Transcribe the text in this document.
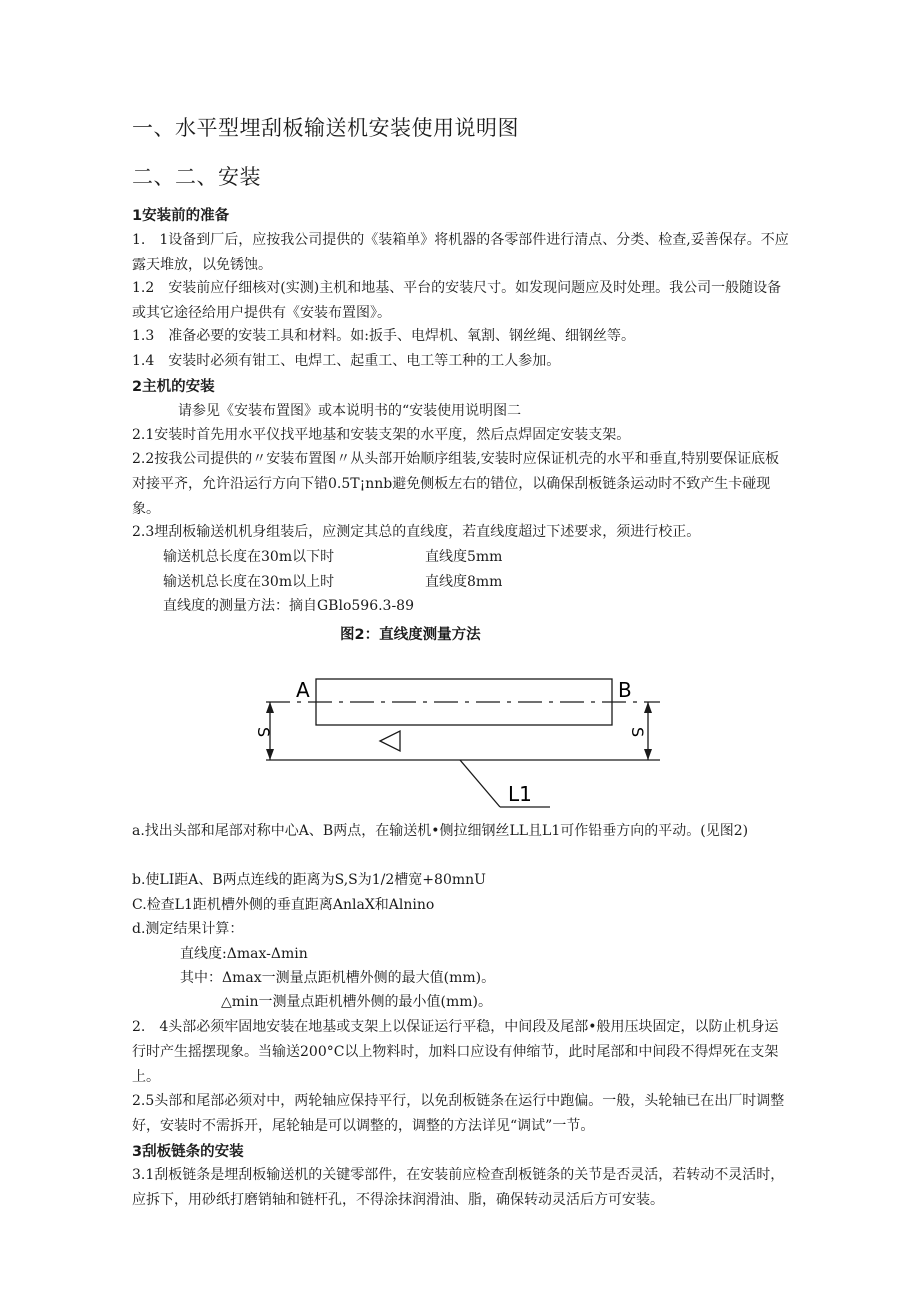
一、水平型埋刮板输送机安装使用说明图
二、二、安装
1安装前的准备
1.　1设备到厂后，应按我公司提供的《装箱单》将机器的各零部件进行清点、分类、检查,妥善保存。不应露天堆放，以免锈蚀。
1.2　安装前应仔细核对(实测)主机和地基、平台的安装尺寸。如发现问题应及时处理。我公司一般随设备或其它途径给用户提供有《安装布置图》。
1.3　准备必要的安装工具和材料。如:扳手、电焊机、氧割、钢丝绳、细钢丝等。
1.4　安装时必须有钳工、电焊工、起重工、电工等工种的工人参加。
2主机的安装
请参见《安装布置图》或本说明书的“安装使用说明图二
2.1安装时首先用水平仪找平地基和安装支架的水平度，然后点焊固定安装支架。
2.2按我公司提供的〃安装布置图〃从头部开始顺序组装,安装时应保证机壳的水平和垂直,特别要保证底板对接平齐，允许沿运行方向下错0.5T¡nnb避免侧板左右的错位，以确保刮板链条运动时不致产生卡碰现象。
2.3埋刮板输送机机身组装后，应测定其总的直线度，若直线度超过下述要求，须进行校正。
输送机总长度在30m以下时	直线度5mm
输送机总长度在30m以上时	直线度8mm
直线度的测量方法：摘自GBlo596.3-89
图2：直线度测量方法
A	B
S	S
L1
a.找出头部和尾部对称中心A、B两点，在输送机•侧拉细钢丝LL且L1可作铅垂方向的平动。(见图2)
b.使LI距A、B两点连线的距离为S,S为1/2槽宽+80mnU
C.检查L1距机槽外侧的垂直距离AnlaX和Alnino
d.测定结果计算：
直线度:Δmax-Δmin
其中：Δmax一测量点距机槽外侧的最大值(mm)。
△min一测量点距机槽外侧的最小值(mm)。
2.　4头部必须牢固地安装在地基或支架上以保证运行平稳，中间段及尾部•般用压块固定，以防止机身运行时产生摇摆现象。当输送200°C以上物料时，加料口应设有伸缩节，此时尾部和中间段不得焊死在支架上。
2.5头部和尾部必须对中，两轮轴应保持平行，以免刮板链条在运行中跑偏。一般，头轮轴已在出厂时调整好，安装时不需拆开，尾轮轴是可以调整的，调整的方法详见“调试”一节。
3刮板链条的安装
3.1刮板链条是埋刮板输送机的关键零部件，在安装前应检查刮板链条的关节是否灵活，若转动不灵活时，应拆下，用砂纸打磨销轴和链杆孔，不得涂抹润滑油、脂，确保转动灵活后方可安装。
